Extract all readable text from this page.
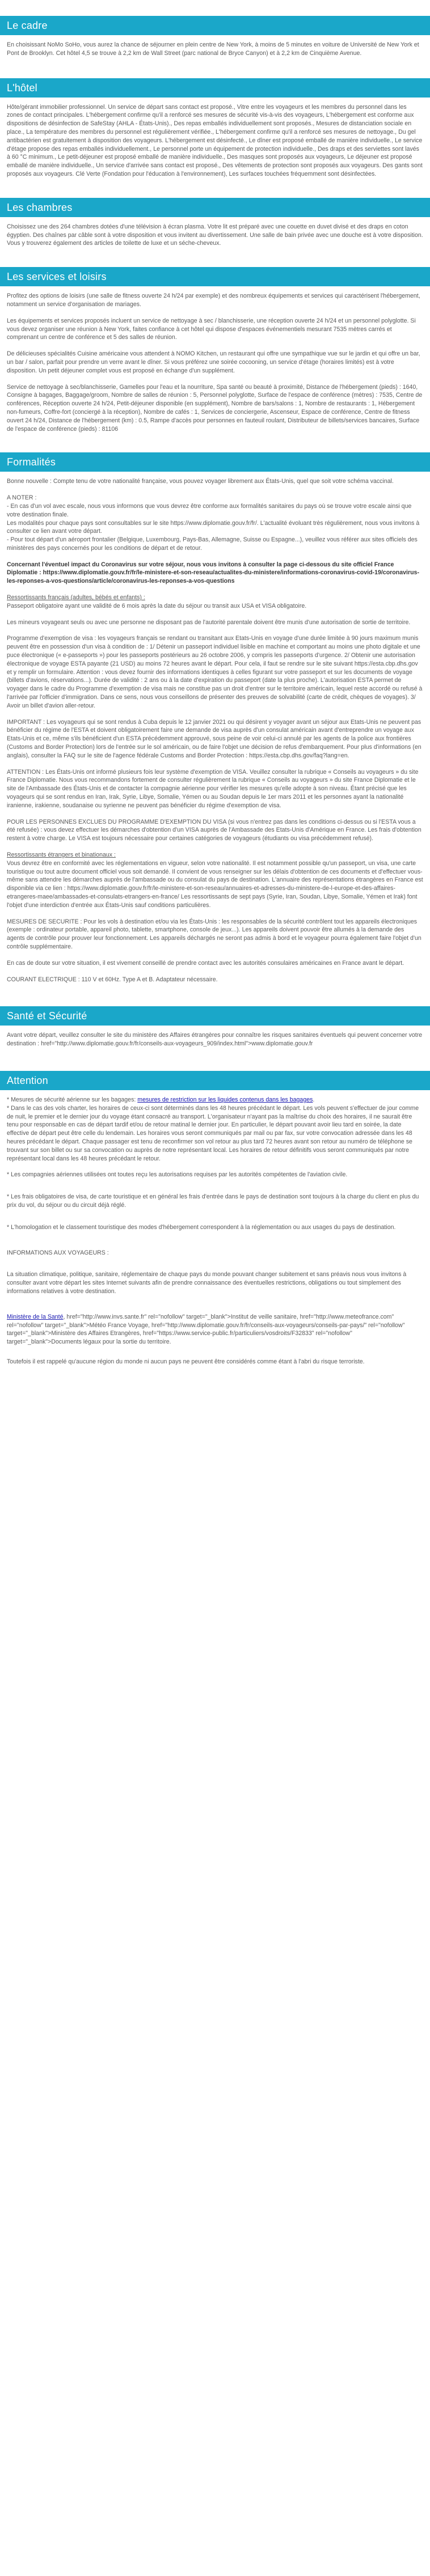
Le cadre

En choisissant NoMo SoHo, vous aurez la chance de séjourner en plein centre de New York, à moins de 5 minutes en voiture de Université de New York et Pont de Brooklyn. Cet hôtel 4,5 se trouve à 2,2 km de Wall Street (parc national de Bryce Canyon) et à 2,2 km de Cinquième Avenue.

L'hôtel

Hôte/gérant immobilier professionnel. Un service de départ sans contact est proposé., Vitre entre les voyageurs et les membres du personnel dans les zones de contact principales. L'hébergement confirme qu'il a renforcé ses mesures de sécurité vis-à-vis des voyageurs, L'hébergement est conforme aux dispositions de désinfection de SafeStay (AHLA - États-Unis)., Des repas emballés individuellement sont proposés., Mesures de distanciation sociale en place., La température des membres du personnel est régulièrement vérifiée., L'hébergement confirme qu'il a renforcé ses mesures de nettoyage., Du gel antibactérien est gratuitement à disposition des voyageurs. L'hébergement est désinfecté., Le dîner est proposé emballé de manière individuelle., Le service d'étage propose des repas emballés individuellement., Le personnel porte un équipement de protection individuelle., Des draps et des serviettes sont lavés à 60 °C minimum., Le petit-déjeuner est proposé emballé de manière individuelle., Des masques sont proposés aux voyageurs, Le déjeuner est proposé emballé de manière individuelle., Un service d'arrivée sans contact est proposé., Des vêtements de protection sont proposés aux voyageurs. Des gants sont proposés aux voyageurs. Clé Verte (Fondation pour l'éducation à l'environnement), Les surfaces touchées fréquemment sont désinfectées.

Les chambres

Choisissez une des 264 chambres dotées d'une télévision à écran plasma. Votre lit est préparé avec une couette en duvet divisé et des draps en coton égyptien. Des chaînes par câble sont à votre disposition et vous invitent au divertissement. Une salle de bain privée avec une douche est à votre disposition. Vous y trouverez également des articles de toilette de luxe et un séche-cheveux.

Les services et loisirs

Profitez des options de loisirs (une salle de fitness ouverte 24 h/24 par exemple) et des nombreux équipements et services qui caractérisent l'hébergement, notamment un service d'organisation de mariages.

Les équipements et services proposés incluent un service de nettoyage à sec / blanchisserie, une réception ouverte 24 h/24 et un personnel polyglotte. Si vous devez organiser une réunion à New York, faites confiance à cet hôtel qui dispose d'espaces événementiels mesurant 7535 mètres carrés et comprenant un centre de conférence et 5 des salles de réunion.

De délicieuses spécialités Cuisine américaine vous attendent à NOMO Kitchen, un restaurant qui offre une sympathique vue sur le jardin et qui offre un bar, un bar / salon, parfait pour prendre un verre avant le dîner. Si vous préférez une soirée cocooning, un service d'étage (horaires limités) est à votre disposition. Un petit déjeuner complet vous est proposé en échange d'un supplément.

Service de nettoyage à sec/blanchisserie, Gamelles pour l'eau et la nourriture, Spa santé ou beauté à proximité, Distance de l'hébergement (pieds) : 1640, Consigne à bagages, Baggage/groom, Nombre de salles de réunion : 5, Personnel polyglotte, Surface de l'espace de conférence (mètres) : 7535, Centre de conférences, Réception ouverte 24 h/24, Petit-déjeuner disponible (en supplément), Nombre de bars/salons : 1, Nombre de restaurants : 1, Hébergement non-fumeurs, Coffre-fort (conciergé à la réception), Nombre de cafés : 1, Services de conciergerie, Ascenseur, Espace de conférence, Centre de fitness ouvert 24 h/24, Distance de l'hébergement (km) : 0.5, Rampe d'accès pour personnes en fauteuil roulant, Distributeur de billets/services bancaires, Surface de l'espace de conférence (pieds) : 81106

Formalités

Bonne nouvelle : Compte tenu de votre nationalité française, vous pouvez voyager librement aux États-Unis, quel que soit votre schéma vaccinal.

A NOTER :
- En cas d'un vol avec escale, nous vous informons que vous devrez être conforme aux formalités sanitaires du pays où se trouve votre escale ainsi que votre destination finale.
Les modalités pour chaque pays sont consultables sur le site https://www.diplomatie.gouv.fr/fr/. L'actualité évoluant très régulièrement, nous vous invitons à consulter ce lien avant votre départ.
- Pour tout départ d'un aéroport frontalier (Belgique, Luxembourg, Pays-Bas, Allemagne, Suisse ou Espagne...), veuillez vous référer aux sites officiels des ministères des pays concernés pour les conditions de départ et de retour.

Concernant l'éventuel impact du Coronavirus sur votre séjour, nous vous invitons à consulter la page ci-dessous du site officiel France Diplomatie : https://www.diplomatie.gouv.fr/fr/le-ministere-et-son-reseau/actualites-du-ministere/informations-coronavirus-covid-19/coronavirus-les-reponses-a-vos-questions/article/coronavirus-les-reponses-a-vos-questions

Ressortissants français (adultes, bébés et enfants) :
Passeport obligatoire ayant une validité de 6 mois après la date du séjour ou transit aux USA et VISA obligatoire.

Les mineurs voyageant seuls ou avec une personne ne disposant pas de l'autorité parentale doivent être munis d'une autorisation de sortie de territoire.

Programme d'exemption de visa : les voyageurs français se rendant ou transitant aux Etats-Unis en voyage d'une durée limitée à 90 jours maximum munis peuvent être en possession d'un visa à condition de : 1/ Détenir un passeport individuel lisible en machine et comportant au moins une photo digitale et une puce électronique (« e-passeports ») pour les passeports postérieurs au 26 octobre 2006, y compris les passeports d'urgence. 2/ Obtenir une autorisation électronique de voyage ESTA payante (21 USD) au moins 72 heures avant le départ. Pour cela, il faut se rendre sur le site suivant https://esta.cbp.dhs.gov et y remplir un formulaire. Attention : vous devez fournir des informations identiques à celles figurant sur votre passeport et sur les documents de voyage (billets d'avions, réservations...). Durée de validité : 2 ans ou à la date d'expiration du passeport (date la plus proche). L'autorisation ESTA permet de voyager dans le cadre du Programme d'exemption de visa mais ne constitue pas un droit d'entrer sur le territoire américain, lequel reste accordé ou refusé à l'arrivée par l'officier d'immigration. Dans ce sens, nous vous conseillons de présenter des preuves de solvabilité (carte de crédit, chèques de voyages). 3/ Avoir un billet d'avion aller-retour.

IMPORTANT : Les voyageurs qui se sont rendus à Cuba depuis le 12 janvier 2021 ou qui désirent y voyager avant un séjour aux Etats-Unis ne peuvent pas bénéficier du régime de l'ESTA et doivent obligatoirement faire une demande de visa auprès d'un consulat américain avant d'entreprendre un voyage aux Etats-Unis et ce, même s'ils bénéficient d'un ESTA précédemment approuvé, sous peine de voir celui-ci annulé par les agents de la police aux frontières (Customs and Border Protection) lors de l'entrée sur le sol américain, ou de faire l'objet une décision de refus d'embarquement. Pour plus d'informations (en anglais), consulter la FAQ sur le site de l'agence fédérale Customs and Border Protection : https://esta.cbp.dhs.gov/faq?lang=en.

ATTENTION : Les États-Unis ont informé plusieurs fois leur système d'exemption de VISA. Veuillez consulter la rubrique « Conseils au voyageurs » du site France Diplomatie. Nous vous recommandons fortement de consulter régulièrement la rubrique « Conseils au voyageurs » du site France Diplomatie et le site de l'Ambassade des États-Unis et de contacter la compagnie aérienne pour vérifier les mesures qu'elle adopte à son niveau. Étant précisé que les voyageurs qui se sont rendus en Iran, Irak, Syrie, Libye, Somalie, Yémen ou au Soudan depuis le 1er mars 2011 et les personnes ayant la nationalité iranienne, irakienne, soudanaise ou syrienne ne peuvent pas bénéficier du régime d'exemption de visa.

POUR LES PERSONNES EXCLUES DU PROGRAMME D'EXEMPTION DU VISA (si vous n'entrez pas dans les conditions ci-dessus ou si l'ESTA vous a été refusée) : vous devez effectuer les démarches d'obtention d'un VISA auprès de l'Ambassade des Etats-Unis d'Amérique en France. Les frais d'obtention restent à votre charge. Le VISA est toujours nécessaire pour certaines catégories de voyageurs (étudiants ou visa précédemment refusé).

Ressortissants étrangers et binationaux :
Vous devrez être en conformité avec les réglementations en vigueur, selon votre nationalité. Il est notamment possible qu'un passeport, un visa, une carte touristique ou tout autre document officiel vous soit demandé. Il convient de vous renseigner sur les délais d'obtention de ces documents et d'effectuer vous-même sans attendre les démarches auprès de l'ambassade ou du consulat du pays de destination. L'annuaire des représentations étrangères en France est disponible via ce lien : https://www.diplomatie.gouv.fr/fr/le-ministere-et-son-reseau/annuaires-et-adresses-du-ministere-de-l-europe-et-des-affaires-etrangeres-maee/ambassades-et-consulats-etrangers-en-france/ Les ressortissants de sept pays (Syrie, Iran, Soudan, Libye, Somalie, Yémen et Irak) font l'objet d'une interdiction d'entrée aux États-Unis sauf conditions particulières.

MESURES DE SECURITE : Pour les vols à destination et/ou via les États-Unis : les responsables de la sécurité contrôlent tout les appareils électroniques (exemple : ordinateur portable, appareil photo, tablette, smartphone, console de jeux...). Les appareils doivent pouvoir être allumés à la demande des agents de contrôle pour prouver leur fonctionnement. Les appareils déchargés ne seront pas admis à bord et le voyageur pourra également faire l'objet d'un contrôle supplémentaire.

En cas de doute sur votre situation, il est vivement conseillé de prendre contact avec les autorités consulaires américaines en France avant le départ.

COURANT ELECTRIQUE : 110 V et 60Hz. Type A et B. Adaptateur nécessaire.

Santé et Sécurité

Avant votre départ, veuillez consulter le site du ministère des Affaires étrangères pour connaître les risques sanitaires éventuels qui peuvent concerner votre destination : href="http://www.diplomatie.gouv.fr/fr/conseils-aux-voyageurs_909/index.html">www.diplomatie.gouv.fr

Attention

* Mesures de sécurité aérienne sur les bagages: mesures de restriction sur les liquides contenus dans les bagages.

* Dans le cas des vols charter, les horaires de ceux-ci sont déterminés dans les 48 heures précédant le départ. Les vols peuvent s'effectuer de jour comme de nuit, le premier et le dernier jour du voyage étant consacré au transport. L'organisateur n'ayant pas la maîtrise du choix des horaires, il ne saurait être tenu pour responsable en cas de départ tardif et/ou de retour matinal le dernier jour. En particulier, le départ pouvant avoir lieu tard en soirée, la date effective de départ peut être celle du lendemain. Les horaires vous seront communiqués par mail ou par fax, sur votre convocation adressée dans les 48 heures précédant le départ. Chaque passager est tenu de reconfirmer son vol retour au plus tard 72 heures avant son retour au numéro de téléphone se trouvant sur son billet ou sur sa convocation ou auprès de notre représentant local. Les horaires de retour définitifs vous seront communiqués par notre représentant local dans les 48 heures précédant le retour.

* Les compagnies aériennes utilisées ont toutes reçu les autorisations requises par les autorités compétentes de l'aviation civile.

* Les frais obligatoires de visa, de carte touristique et en général les frais d'entrée dans le pays de destination sont toujours à la charge du client en plus du prix du vol, du séjour ou du circuit déjà réglé.

* L'homologation et le classement touristique des modes d'hébergement correspondent à la réglementation ou aux usages du pays de destination.

INFORMATIONS AUX VOYAGEURS :

La situation climatique, politique, sanitaire, réglementaire de chaque pays du monde pouvant changer subitement et sans préavis nous vous invitons à consulter avant votre départ les sites Internet suivants afin de prendre connaissance des éventuelles restrictions, obligations ou tout simplement des informations relatives à votre destination.

Ministère de la Santé, href="http://www.invs.sante.fr" rel="nofollow" target="_blank">Institut de veille sanitaire, href="http://www.meteofrance.com" rel="nofollow" target="_blank">Météo France Voyage, href="http://www.diplomatie.gouv.fr/fr/conseils-aux-voyageurs/conseils-par-pays/" rel="nofollow" target="_blank">Ministère des Affaires Etrangères, href="https://www.service-public.fr/particuliers/vosdroits/F32833" rel="nofollow" target="_blank">Documents légaux pour la sortie du territoire.

Toutefois il est rappelé qu'aucune région du monde ni aucun pays ne peuvent être considérés comme étant à l'abri du risque terroriste.
